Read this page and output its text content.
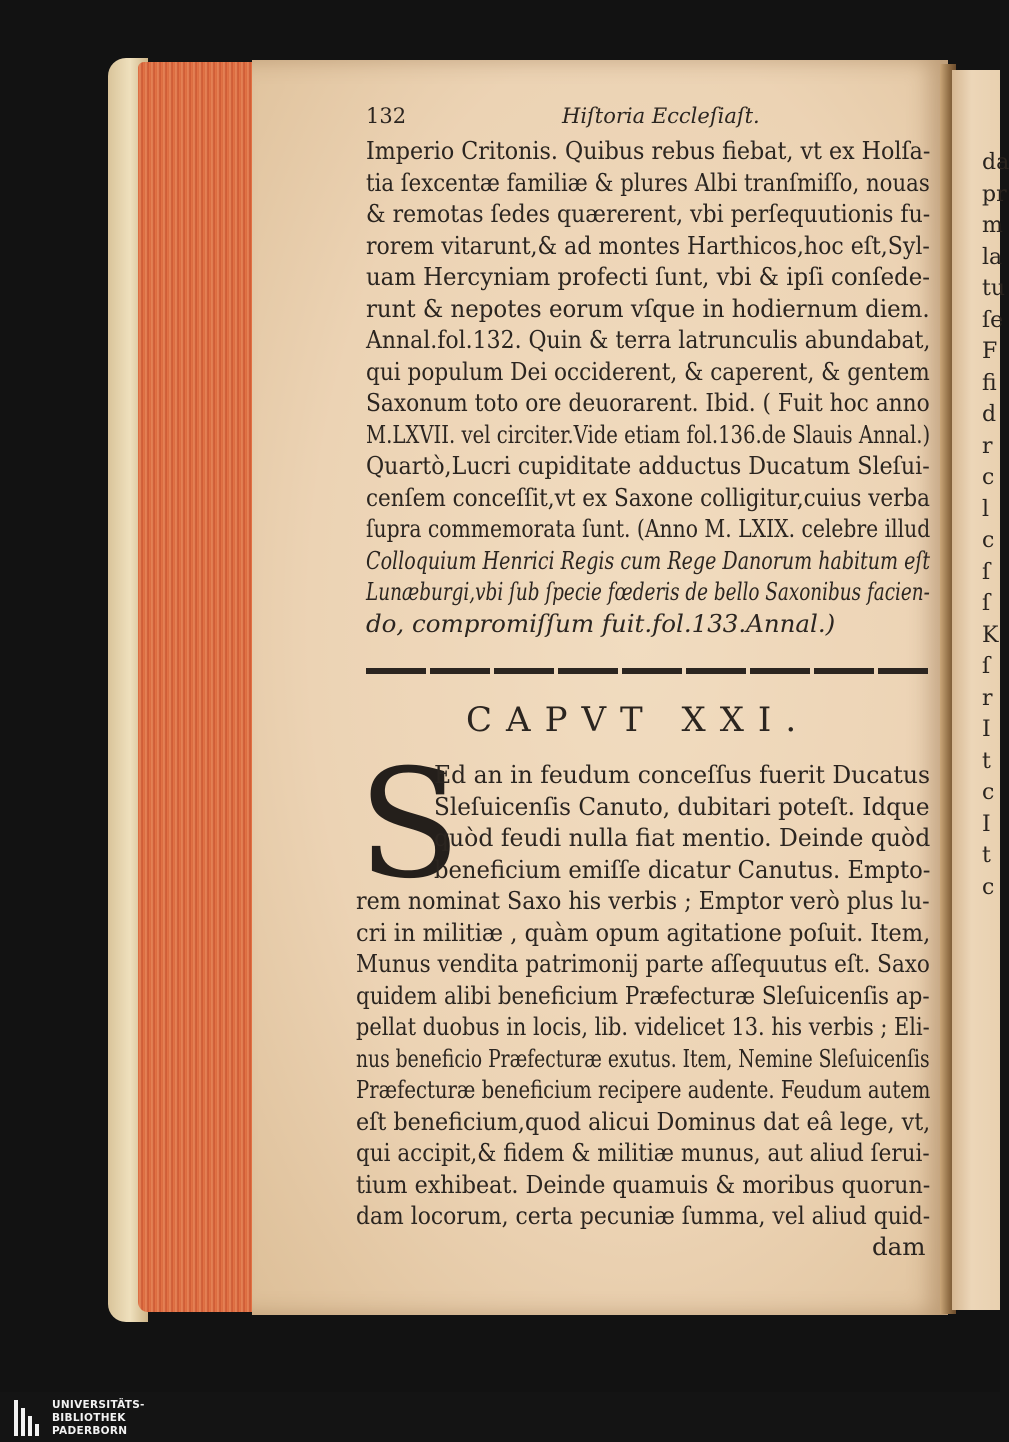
da
pr
m
la
tu
ſe
F
fi
d
r
c
l
c
ſ
ſ
K
ſ
r
I
t
c
I
t
c
132	Hiſtoria Eccleſiaſt.
Imperio Critonis. Quibus rebus fiebat, vt ex Holſa-
tia ſexcentæ familiæ & plures Albi tranſmiſſo, nouas
& remotas ſedes quærerent, vbi perſequutionis fu-
rorem vitarunt,& ad montes Harthicos,hoc eſt,Syl-
uam Hercyniam profecti ſunt, vbi & ipſi conſede-
runt & nepotes eorum vſque in hodiernum diem.
Annal.fol.132. Quin & terra latrunculis abundabat,
qui populum Dei occiderent, & caperent, & gentem
Saxonum toto ore deuorarent. Ibid. ( Fuit hoc anno
M.LXVII. vel circiter.Vide etiam fol.136.de Slauis Annal.)
Quartò,Lucri cupiditate adductus Ducatum Sleſui-
cenſem conceſſit,vt ex Saxone colligitur,cuius verba
ſupra commemorata ſunt. (Anno M. LXIX. celebre illud
Colloquium Henrici Regis cum Rege Danorum habitum eſt
Lunæburgi,vbi ſub ſpecie fœderis de bello Saxonibus facien-
do, compromiſſum fuit.fol.133.Annal.)
CAPVT XXI.
S
Ed an in feudum conceſſus fuerit Ducatus
Sleſuicenſis Canuto, dubitari poteſt. Idque
quòd feudi nulla fiat mentio. Deinde quòd
beneficium emiſſe dicatur Canutus. Empto-
rem nominat Saxo his verbis ; Emptor verò plus lu-
cri in militiæ , quàm opum agitatione poſuit. Item,
Munus vendita patrimonij parte aſſequutus eſt. Saxo
quidem alibi beneficium Præfecturæ Sleſuicenſis ap-
pellat duobus in locis, lib. videlicet 13. his verbis ; Eli-
nus beneficio Præfecturæ exutus. Item, Nemine Sleſuicenſis
Præfecturæ beneficium recipere audente. Feudum autem
eſt beneficium,quod alicui Dominus dat eâ lege, vt,
qui accipit,& fidem & militiæ munus, aut aliud ſerui-
tium exhibeat. Deinde quamuis & moribus quorun-
dam locorum, certa pecuniæ ſumma, vel aliud quid-
dam
UNIVERSITÄTS-
BIBLIOTHEK
PADERBORN
